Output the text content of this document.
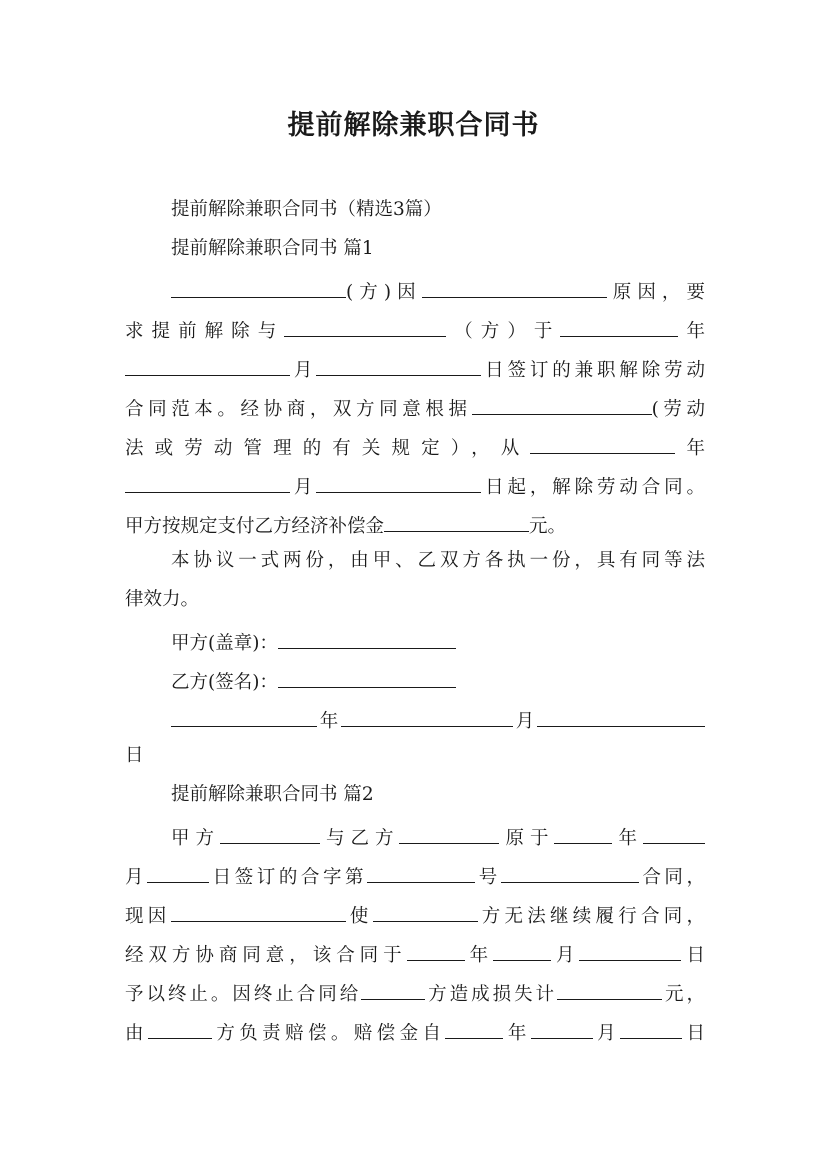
提前解除兼职合同书
提前解除兼职合同书（精选3篇）
提前解除兼职合同书 篇1
(方)因	原因，要
求提前解除与	（方）于	年
月	日签订的兼职解除劳动
合同范本。经协商，双方同意根据	(劳动
法或劳动管理的有关规定），从	年
月	日起，解除劳动合同。
甲方按规定支付乙方经济补偿金	元。
本协议一式两份，由甲、乙双方各执一份，具有同等法
律效力。
甲方(盖章)：
乙方(签名)：
年	月
日
提前解除兼职合同书 篇2
甲方	与乙方	原于	年
月	日签订的合字第	号	合同，
现因	使	方无法继续履行合同，
经双方协商同意，该合同于	年	月	日
予以终止。因终止合同给	方造成损失计	元，
由	方负责赔偿。赔偿金自	年	月	日
